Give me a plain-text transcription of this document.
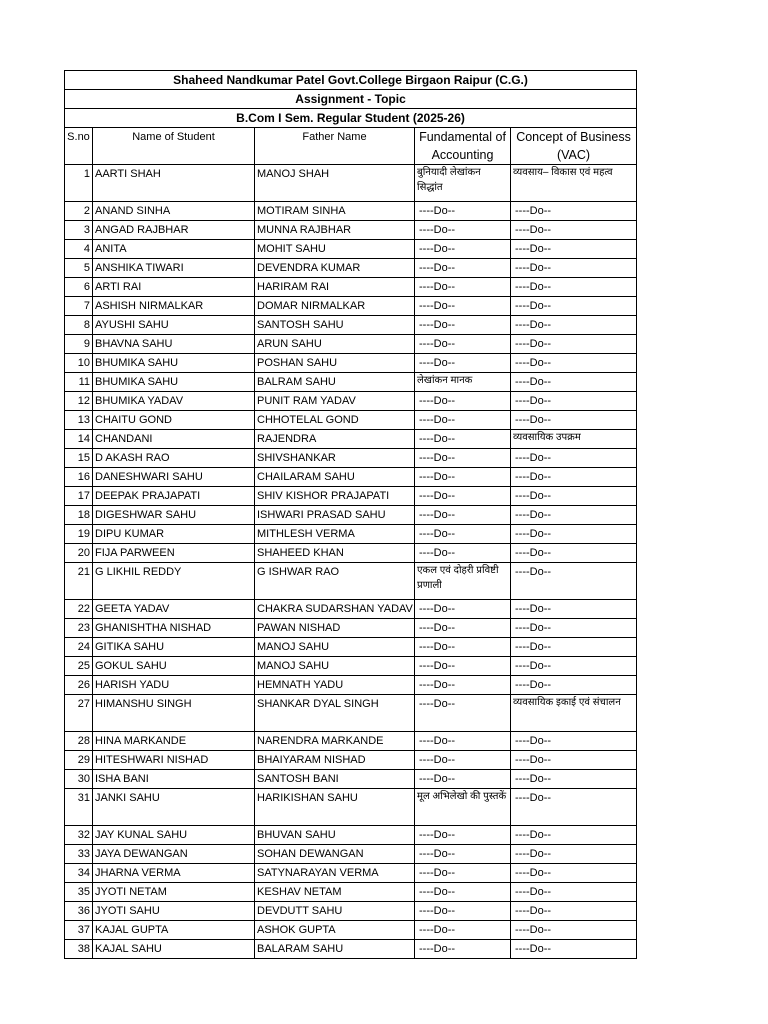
Shaheed Nandkumar Patel Govt.College Birgaon Raipur (C.G.)				
Assignment - Topic				
B.Com I Sem. Regular Student (2025-26)				
S.no	Name of Student	Father Name	Fundamental of Accounting	Concept of Business (VAC)
1	AARTI SHAH	MANOJ SHAH	बुनियादी लेखांकन सिद्धांत	व्यवसाय– विकास एवं महत्व
2	ANAND SINHA	MOTIRAM SINHA	----Do--	----Do--
3	ANGAD RAJBHAR	MUNNA RAJBHAR	----Do--	----Do--
4	ANITA	MOHIT SAHU	----Do--	----Do--
5	ANSHIKA TIWARI	DEVENDRA KUMAR	----Do--	----Do--
6	ARTI RAI	HARIRAM RAI	----Do--	----Do--
7	ASHISH NIRMALKAR	DOMAR NIRMALKAR	----Do--	----Do--
8	AYUSHI SAHU	SANTOSH SAHU	----Do--	----Do--
9	BHAVNA SAHU	ARUN SAHU	----Do--	----Do--
10	BHUMIKA SAHU	POSHAN SAHU	----Do--	----Do--
11	BHUMIKA SAHU	BALRAM SAHU	लेखांकन मानक	----Do--
12	BHUMIKA YADAV	PUNIT RAM YADAV	----Do--	----Do--
13	CHAITU GOND	CHHOTELAL GOND	----Do--	----Do--
14	CHANDANI	RAJENDRA	----Do--	व्यवसायिक उपक्रम
15	D AKASH RAO	SHIVSHANKAR	----Do--	----Do--
16	DANESHWARI SAHU	CHAILARAM SAHU	----Do--	----Do--
17	DEEPAK PRAJAPATI	SHIV KISHOR PRAJAPATI	----Do--	----Do--
18	DIGESHWAR SAHU	ISHWARI PRASAD SAHU	----Do--	----Do--
19	DIPU KUMAR	MITHLESH VERMA	----Do--	----Do--
20	FIJA PARWEEN	SHAHEED KHAN	----Do--	----Do--
21	G LIKHIL REDDY	G ISHWAR RAO	एकल एवं दोहरी प्रविष्टी प्रणाली	----Do--
22	GEETA YADAV	CHAKRA SUDARSHAN YADAV	----Do--	----Do--
23	GHANISHTHA NISHAD	PAWAN NISHAD	----Do--	----Do--
24	GITIKA SAHU	MANOJ SAHU	----Do--	----Do--
25	GOKUL SAHU	MANOJ SAHU	----Do--	----Do--
26	HARISH YADU	HEMNATH YADU	----Do--	----Do--
27	HIMANSHU SINGH	SHANKAR DYAL SINGH	----Do--	व्यवसायिक इकाई एवं संचालन
28	HINA MARKANDE	NARENDRA MARKANDE	----Do--	----Do--
29	HITESHWARI NISHAD	BHAIYARAM NISHAD	----Do--	----Do--
30	ISHA BANI	SANTOSH BANI	----Do--	----Do--
31	JANKI SAHU	HARIKISHAN SAHU	मूल अभिलेखो की पुस्तकें	----Do--
32	JAY KUNAL SAHU	BHUVAN SAHU	----Do--	----Do--
33	JAYA DEWANGAN	SOHAN DEWANGAN	----Do--	----Do--
34	JHARNA VERMA	SATYNARAYAN VERMA	----Do--	----Do--
35	JYOTI NETAM	KESHAV NETAM	----Do--	----Do--
36	JYOTI SAHU	DEVDUTT SAHU	----Do--	----Do--
37	KAJAL GUPTA	ASHOK GUPTA	----Do--	----Do--
38	KAJAL SAHU	BALARAM SAHU	----Do--	----Do--
